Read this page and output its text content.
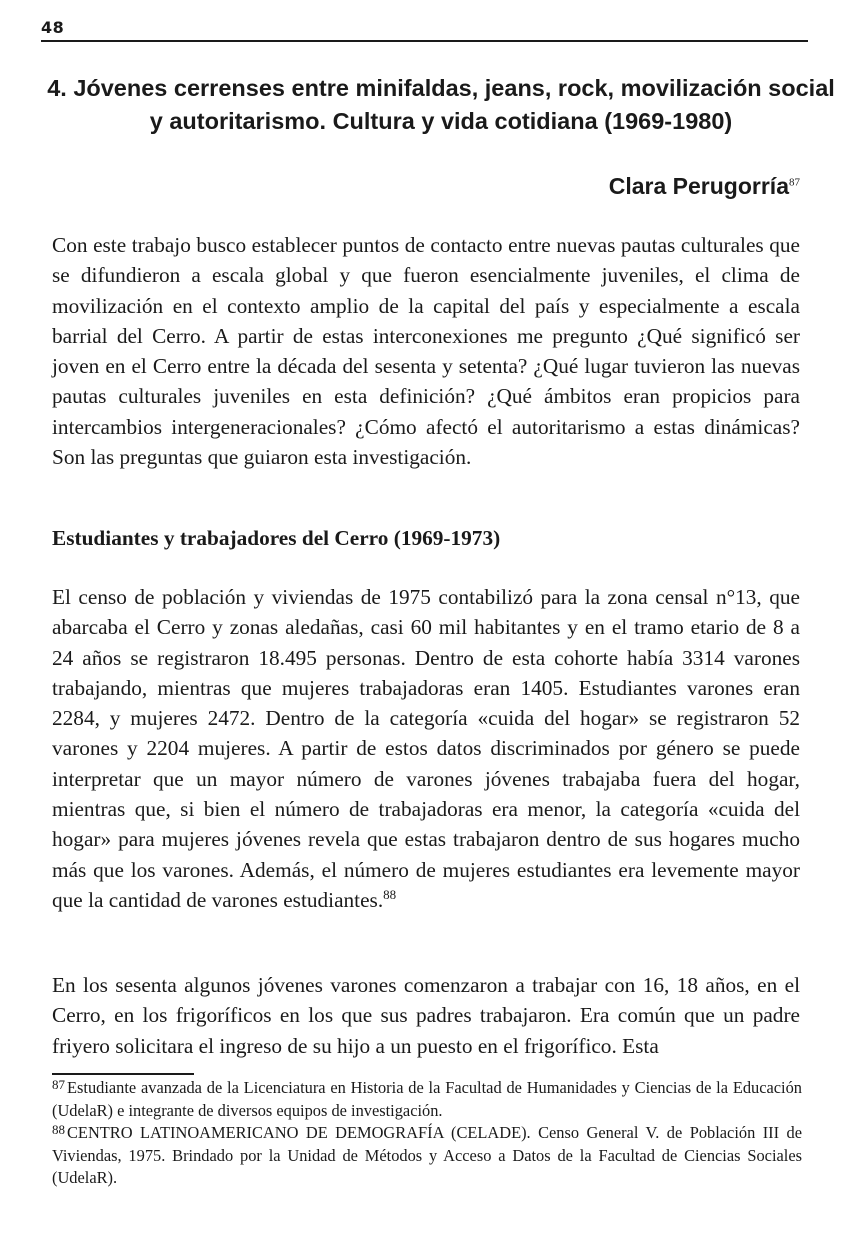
48
4. Jóvenes cerrenses entre minifaldas, jeans, rock, movilización social y autoritarismo. Cultura y vida cotidiana (1969-1980)
Clara Perugorría$^{87}$

Con este trabajo busco establecer puntos de contacto entre nuevas pautas culturales que se difundieron a escala global y que fueron esencialmente juveniles, el clima de movilización en el contexto amplio de la capital del país y especialmente a escala barrial del Cerro. A partir de estas interconexiones me pregunto ¿Qué significó ser joven en el Cerro entre la década del sesenta y setenta? ¿Qué lugar tuvieron las nuevas pautas culturales juveniles en esta definición? ¿Qué ámbitos eran propicios para intercambios intergeneracionales? ¿Cómo afectó el autoritarismo a estas dinámicas? Son las preguntas que guiaron esta investigación.

Estudiantes y trabajadores del Cerro (1969-1973)

El censo de población y viviendas de 1975 contabilizó para la zona censal n°13, que abarcaba el Cerro y zonas aledañas, casi 60 mil habitantes y en el tramo etario de 8 a 24 años se registraron 18.495 personas. Dentro de esta cohorte había 3314 varones trabajando, mientras que mujeres trabajadoras eran 1405. Estudiantes varones eran 2284, y mujeres 2472. Dentro de la categoría «cuida del hogar» se registraron 52 varones y 2204 mujeres. A partir de estos datos discriminados por género se puede interpretar que un mayor número de varones jóvenes trabajaba fuera del hogar, mientras que, si bien el número de trabajadoras era menor, la categoría «cuida del hogar» para mujeres jóvenes revela que estas trabajaron dentro de sus hogares mucho más que los varones. Además, el número de mujeres estudiantes era levemente mayor que la cantidad de varones estudiantes.$^{88}$

En los sesenta algunos jóvenes varones comenzaron a trabajar con 16, 18 años, en el Cerro, en los frigoríficos en los que sus padres trabajaron. Era común que un padre friyero solicitara el ingreso de su hijo a un puesto en el frigorífico. Esta

$^{87}$ Estudiante avanzada de la Licenciatura en Historia de la Facultad de Humanidades y Ciencias de la Educación (UdelaR) e integrante de diversos equipos de investigación.

$^{88}$ CENTRO LATINOAMERICANO DE DEMOGRAFÍA (CELADE). Censo General V. de Población III de Viviendas, 1975. Brindado por la Unidad de Métodos y Acceso a Datos de la Facultad de Ciencias Sociales (UdelaR).
